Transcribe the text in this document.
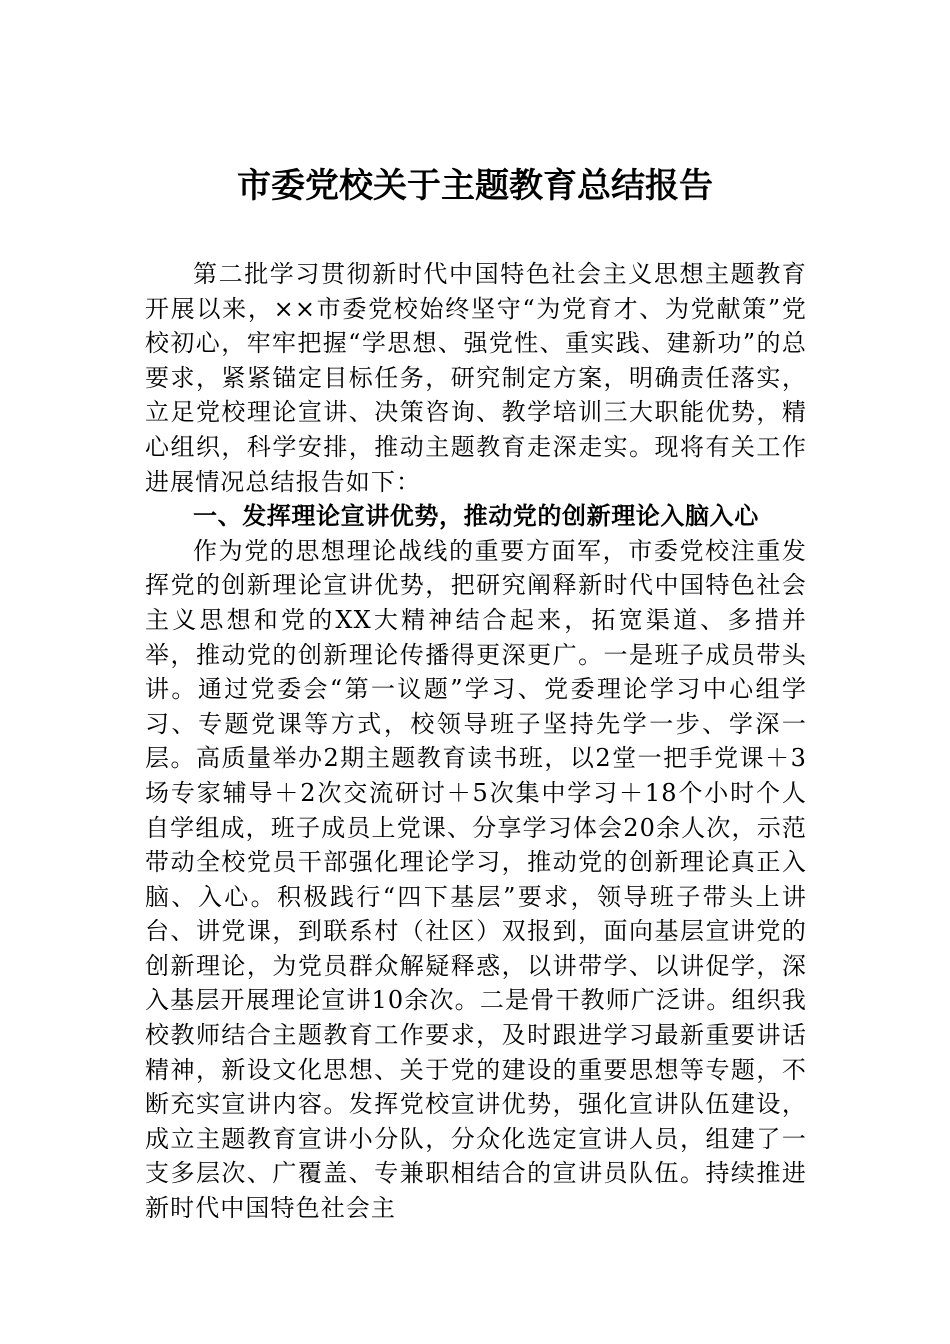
市委党校关于主题教育总结报告

第二批学习贯彻新时代中国特色社会主义思想主题教育开展以来，××市委党校始终坚守“为党育才、为党献策”党校初心，牢牢把握“学思想、强党性、重实践、建新功”的总要求，紧紧锚定目标任务，研究制定方案，明确责任落实，立足党校理论宣讲、决策咨询、教学培训三大职能优势，精心组织，科学安排，推动主题教育走深走实。现将有关工作进展情况总结报告如下：

一、发挥理论宣讲优势，推动党的创新理论入脑入心

作为党的思想理论战线的重要方面军，市委党校注重发挥党的创新理论宣讲优势，把研究阐释新时代中国特色社会主义思想和党的XX大精神结合起来，拓宽渠道、多措并举，推动党的创新理论传播得更深更广。一是班子成员带头讲。通过党委会“第一议题”学习、党委理论学习中心组学习、专题党课等方式，校领导班子坚持先学一步、学深一层。高质量举办2期主题教育读书班，以2堂一把手党课＋3场专家辅导＋2次交流研讨＋5次集中学习＋18个小时个人自学组成，班子成员上党课、分享学习体会20余人次，示范带动全校党员干部强化理论学习，推动党的创新理论真正入脑、入心。积极践行“四下基层”要求，领导班子带头上讲台、讲党课，到联系村（社区）双报到，面向基层宣讲党的创新理论，为党员群众解疑释惑，以讲带学、以讲促学，深入基层开展理论宣讲10余次。二是骨干教师广泛讲。组织我校教师结合主题教育工作要求，及时跟进学习最新重要讲话精神，新设文化思想、关于党的建设的重要思想等专题，不断充实宣讲内容。发挥党校宣讲优势，强化宣讲队伍建设，成立主题教育宣讲小分队，分众化选定宣讲人员，组建了一支多层次、广覆盖、专兼职相结合的宣讲员队伍。持续推进新时代中国特色社会主
